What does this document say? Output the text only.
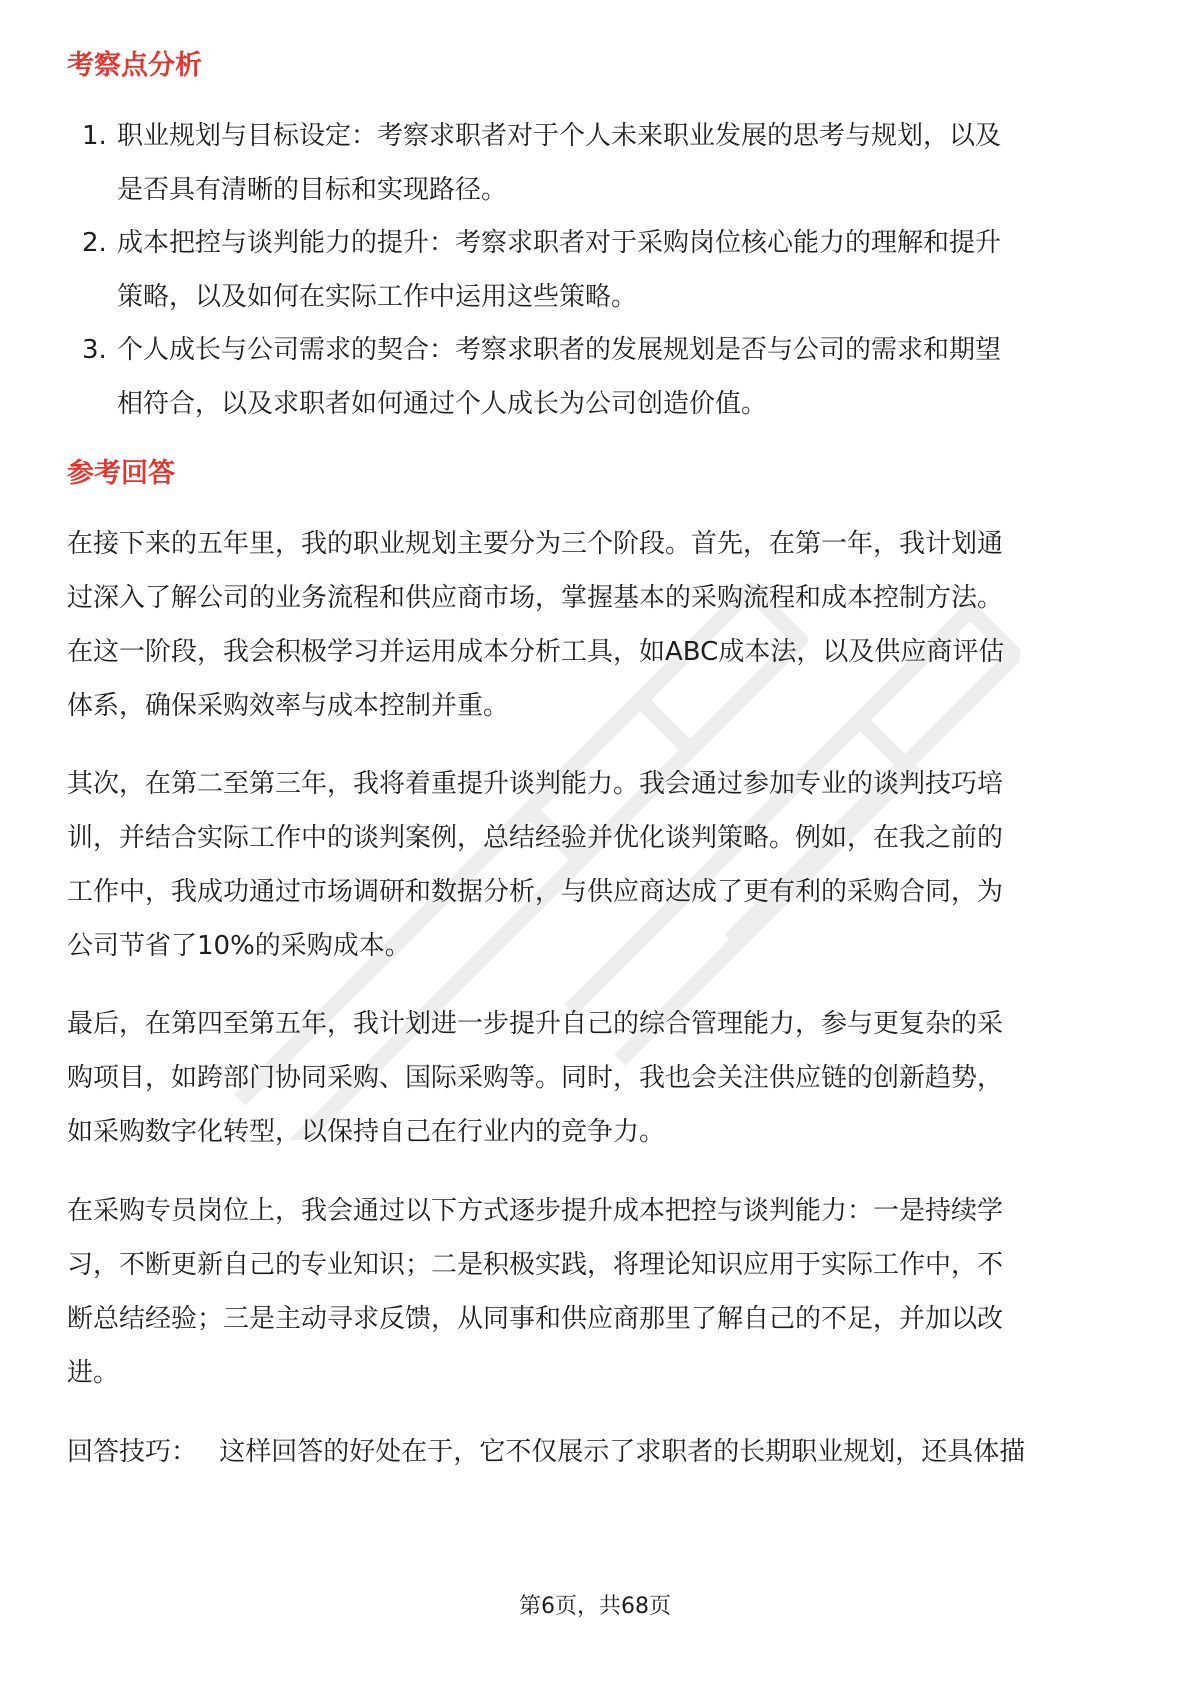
考察点分析
1. 职业规划与目标设定：考察求职者对于个人未来职业发展的思考与规划，以及
是否具有清晰的目标和实现路径。
2. 成本把控与谈判能力的提升：考察求职者对于采购岗位核心能力的理解和提升
策略，以及如何在实际工作中运用这些策略。
3. 个人成长与公司需求的契合：考察求职者的发展规划是否与公司的需求和期望
相符合，以及求职者如何通过个人成长为公司创造价值。
参考回答
在接下来的五年里，我的职业规划主要分为三个阶段。首先，在第一年，我计划通
过深入了解公司的业务流程和供应商市场，掌握基本的采购流程和成本控制方法。
在这一阶段，我会积极学习并运用成本分析工具，如ABC成本法，以及供应商评估
体系，确保采购效率与成本控制并重。
其次，在第二至第三年，我将着重提升谈判能力。我会通过参加专业的谈判技巧培
训，并结合实际工作中的谈判案例，总结经验并优化谈判策略。例如，在我之前的
工作中，我成功通过市场调研和数据分析，与供应商达成了更有利的采购合同，为
公司节省了10%的采购成本。
最后，在第四至第五年，我计划进一步提升自己的综合管理能力，参与更复杂的采
购项目，如跨部门协同采购、国际采购等。同时，我也会关注供应链的创新趋势，
如采购数字化转型，以保持自己在行业内的竞争力。
在采购专员岗位上，我会通过以下方式逐步提升成本把控与谈判能力：一是持续学
习，不断更新自己的专业知识；二是积极实践，将理论知识应用于实际工作中，不
断总结经验；三是主动寻求反馈，从同事和供应商那里了解自己的不足，并加以改
进。
回答技巧： 这样回答的好处在于，它不仅展示了求职者的长期职业规划，还具体描
第6页，共68页
